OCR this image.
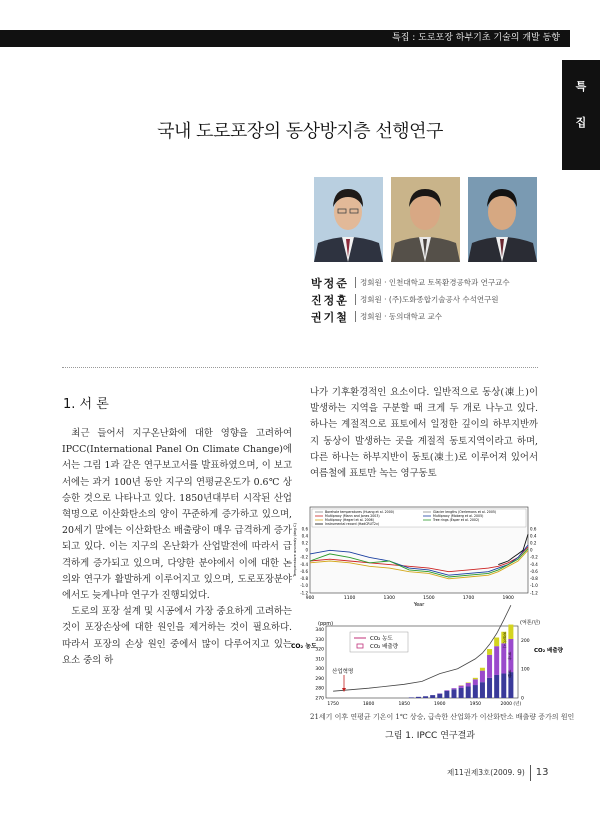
특집 : 도로포장 하부기초 기술의 개발 동향
특
집
국내 도로포장의 동상방지층 선행연구
박정준	정회원 · 인천대학교 토목환경공학과 연구교수
진정훈	정회원 · (주)도화종합기술공사 수석연구원
권기철	정회원 · 동의대학교 교수
1. 서 론

최근 들어서 지구온난화에 대한 영향을 고려하여 IPCC(International Panel On Climate Change)에서는 그림 1과 같은 연구보고서를 발표하였으며, 이 보고서에는 과거 100년 동안 지구의 연평균온도가 0.6℃ 상승한 것으로 나타나고 있다. 1850년대부터 시작된 산업혁명으로 이산화탄소의 양이 꾸준하게 증가하고 있으며, 20세기 말에는 이산화탄소 배출량이 매우 급격하게 증가되고 있다. 이는 지구의 온난화가 산업발전에 따라서 급격하게 증가되고 있으며, 다양한 분야에서 이에 대한 논의와 연구가 활발하게 이루어지고 있으며, 도로포장분야에서도 늦게나마 연구가 진행되었다.

도로의 포장 설계 및 시공에서 가장 중요하게 고려하는 것이 포장손상에 대한 원인을 제거하는 것이 필요하다. 따라서 포장의 손상 원인 중에서 많이 다루어지고 있는 요소 중의 하

나가 기후환경적인 요소이다. 일반적으로 동상(凍上)이 발생하는 지역을 구분할 때 크게 두 개로 나누고 있다. 하나는 계절적으로 표토에서 일정한 깊이의 하부지반까지 동상이 발생하는 곳을 계절적 동토지역이라고 하며, 다른 하나는 하부지반이 동토(凍土)로 이루어져 있어서 여름철에 표토만 녹는 영구동토

Borehole temperatures (Huang et al. 2000)	Glacier lengths (Oerlemans et al. 2005)
Multiproxy (Mann and Jones 2003)	Multiproxy (Moberg et al. 2005)
Multiproxy (Hegerl et al. 2006)	Tree rings (Esper et al. 2002)
Instrumental record (HadCRUT2v)
0.6
0.4
0.2
0
-0.2
-0.4
-0.6
-0.8
-1.0
-1.2
0.6
0.4
0.2
0
-0.2
-0.4
-0.6
-0.8
-1.0
-1.2
900	1100	1300	1500	1700	1900
Year
Temperature anomaly (deg C)
CO₂ 농도
(ppm)	(억톤/년)
CO₂ 배출량
340
330
320
310
300
290
280
270
200
100
0
1750	1800	1850	1900	1950	2000 (년)
CO₂ 농도
CO₂ 배출량
산업혁명
천연가스
석유
석탄
21세기 이후 연평균 기온이 1℃ 상승, 급속한 산업화가 이산화탄소 배출량 증가의 원인
그림 1. IPCC 연구결과
제11권제3호(2009. 9) 13
